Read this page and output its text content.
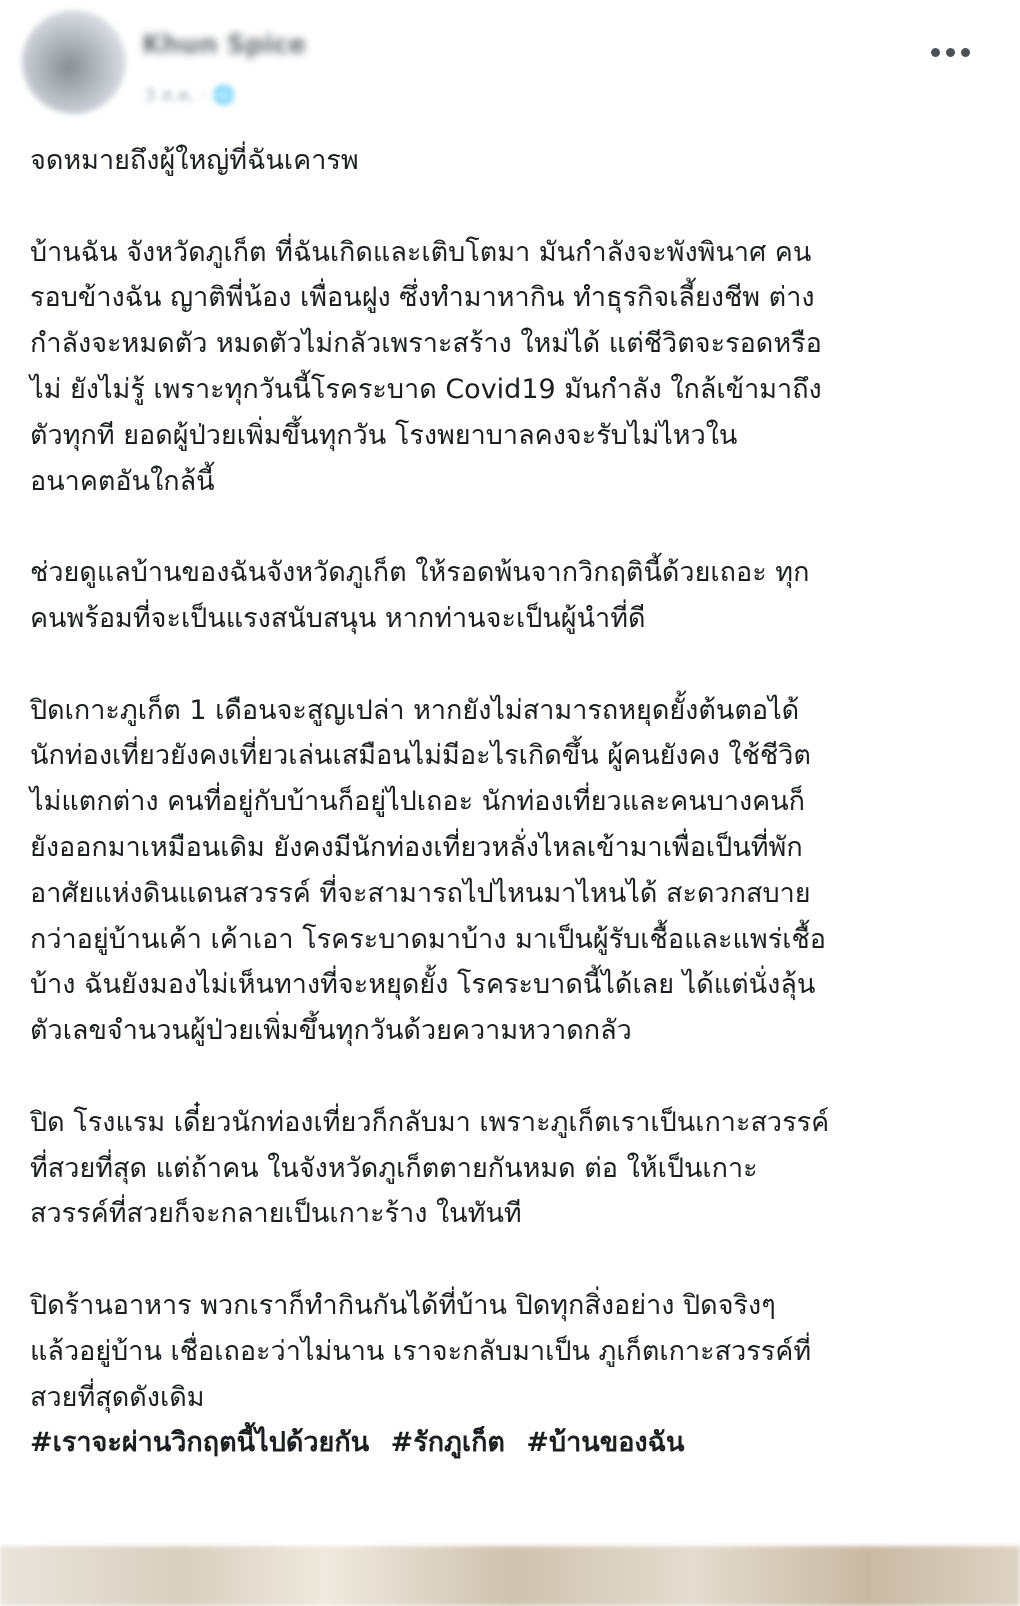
Khun Spice
3 ส.ค. · 🌐

จดหมายถึงผู้ใหญ่ที่ฉันเคารพ

บ้านฉัน จังหวัดภูเก็ต ที่ฉันเกิดและเติบโตมา มันกำลังจะพังพินาศ คน
รอบข้างฉัน ญาติพี่น้อง เพื่อนฝูง ซึ่งทำมาหากิน ทำธุรกิจเลี้ยงชีพ ต่าง
กำลังจะหมดตัว หมดตัวไม่กลัวเพราะสร้าง ใหม่ได้ แต่ชีวิตจะรอดหรือ
ไม่ ยังไม่รู้ เพราะทุกวันนี้โรคระบาด Covid19 มันกำลัง ใกล้เข้ามาถึง
ตัวทุกที ยอดผู้ป่วยเพิ่มขึ้นทุกวัน โรงพยาบาลคงจะรับไม่ไหวใน
อนาคตอันใกล้นี้

ช่วยดูแลบ้านของฉันจังหวัดภูเก็ต ให้รอดพ้นจากวิกฤตินี้ด้วยเถอะ ทุก
คนพร้อมที่จะเป็นแรงสนับสนุน หากท่านจะเป็นผู้นำที่ดี

ปิดเกาะภูเก็ต 1 เดือนจะสูญเปล่า หากยังไม่สามารถหยุดยั้งต้นตอได้
นักท่องเที่ยวยังคงเที่ยวเล่นเสมือนไม่มีอะไรเกิดขึ้น ผู้คนยังคง ใช้ชีวิต
ไม่แตกต่าง คนที่อยู่กับบ้านก็อยู่ไปเถอะ นักท่องเที่ยวและคนบางคนก็
ยังออกมาเหมือนเดิม ยังคงมีนักท่องเที่ยวหลั่งไหลเข้ามาเพื่อเป็นที่พัก
อาศัยแห่งดินแดนสวรรค์ ที่จะสามารถไปไหนมาไหนได้ สะดวกสบาย
กว่าอยู่บ้านเค้า เค้าเอา โรคระบาดมาบ้าง มาเป็นผู้รับเชื้อและแพร่เชื้อ
บ้าง ฉันยังมองไม่เห็นทางที่จะหยุดยั้ง โรคระบาดนี้ได้เลย ได้แต่นั่งลุ้น
ตัวเลขจำนวนผู้ป่วยเพิ่มขึ้นทุกวันด้วยความหวาดกลัว

ปิด โรงแรม เดี๋ยวนักท่องเที่ยวก็กลับมา เพราะภูเก็ตเราเป็นเกาะสวรรค์
ที่สวยที่สุด แต่ถ้าคน ในจังหวัดภูเก็ตตายกันหมด ต่อ ให้เป็นเกาะ
สวรรค์ที่สวยก็จะกลายเป็นเกาะร้าง ในทันที

ปิดร้านอาหาร พวกเราก็ทำกินกันได้ที่บ้าน ปิดทุกสิ่งอย่าง ปิดจริงๆ
แล้วอยู่บ้าน เชื่อเถอะว่าไม่นาน เราจะกลับมาเป็น ภูเก็ตเกาะสวรรค์ที่
สวยที่สุดดังเดิม

#เราจะผ่านวิกฤตนี้ไปด้วยกัน #รักภูเก็ต #บ้านของฉัน
